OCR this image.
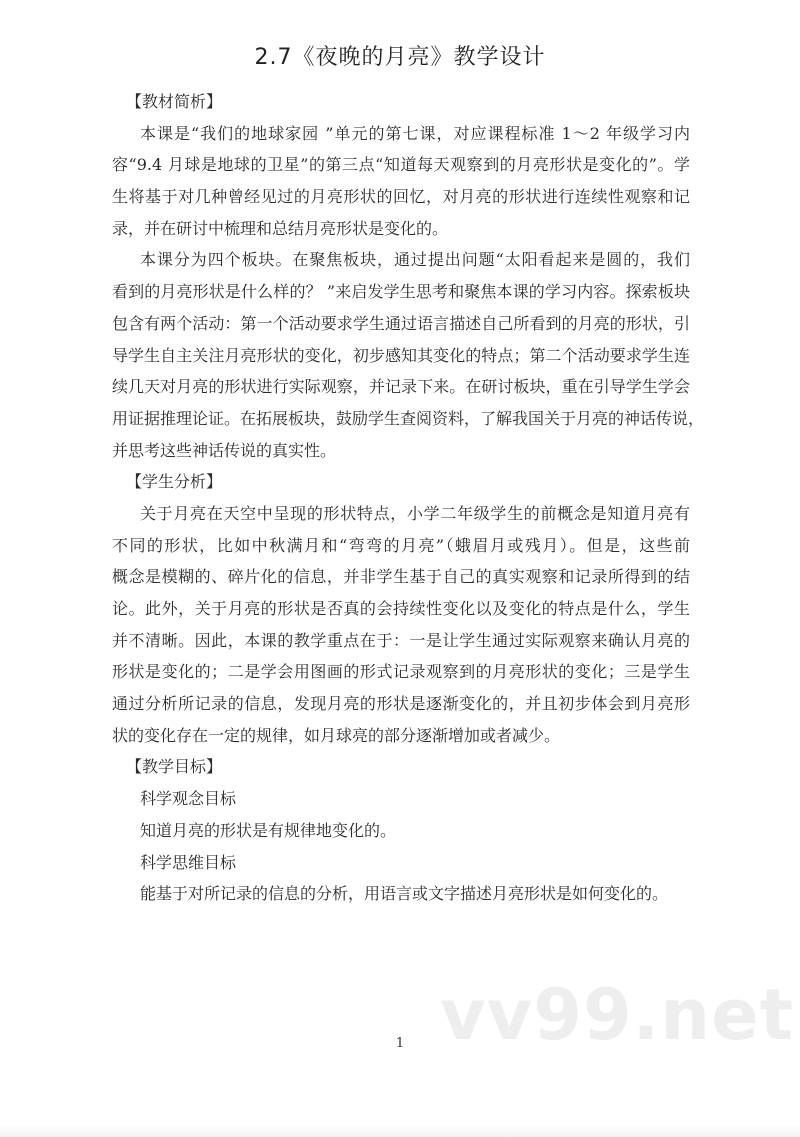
2.7《夜晚的月亮》教学设计
【教材简析】
本课是“我们的地球家园 ”单元的第七课，对应课程标准 1～2 年级学习内
容“9.4 月球是地球的卫星”的第三点“知道每天观察到的月亮形状是变化的”。学
生将基于对几种曾经见过的月亮形状的回忆，对月亮的形状进行连续性观察和记
录，并在研讨中梳理和总结月亮形状是变化的。
本课分为四个板块。在聚焦板块，通过提出问题“太阳看起来是圆的，我们
看到的月亮形状是什么样的？ ”来启发学生思考和聚焦本课的学习内容。探索板块
包含有两个活动：第一个活动要求学生通过语言描述自己所看到的月亮的形状，引
导学生自主关注月亮形状的变化，初步感知其变化的特点；第二个活动要求学生连
续几天对月亮的形状进行实际观察，并记录下来。在研讨板块，重在引导学生学会
用证据推理论证。在拓展板块，鼓励学生查阅资料，了解我国关于月亮的神话传说，
并思考这些神话传说的真实性。
【学生分析】
关于月亮在天空中呈现的形状特点，小学二年级学生的前概念是知道月亮有
不同的形状，比如中秋满月和“弯弯的月亮”（蛾眉月或残月）。但是，这些前
概念是模糊的、碎片化的信息，并非学生基于自己的真实观察和记录所得到的结
论。此外，关于月亮的形状是否真的会持续性变化以及变化的特点是什么，学生
并不清晰。因此，本课的教学重点在于：一是让学生通过实际观察来确认月亮的
形状是变化的；二是学会用图画的形式记录观察到的月亮形状的变化；三是学生
通过分析所记录的信息，发现月亮的形状是逐渐变化的，并且初步体会到月亮形
状的变化存在一定的规律，如月球亮的部分逐渐增加或者减少。
【教学目标】
科学观念目标
知道月亮的形状是有规律地变化的。
科学思维目标
能基于对所记录的信息的分析，用语言或文字描述月亮形状是如何变化的。
vv99.net
1
